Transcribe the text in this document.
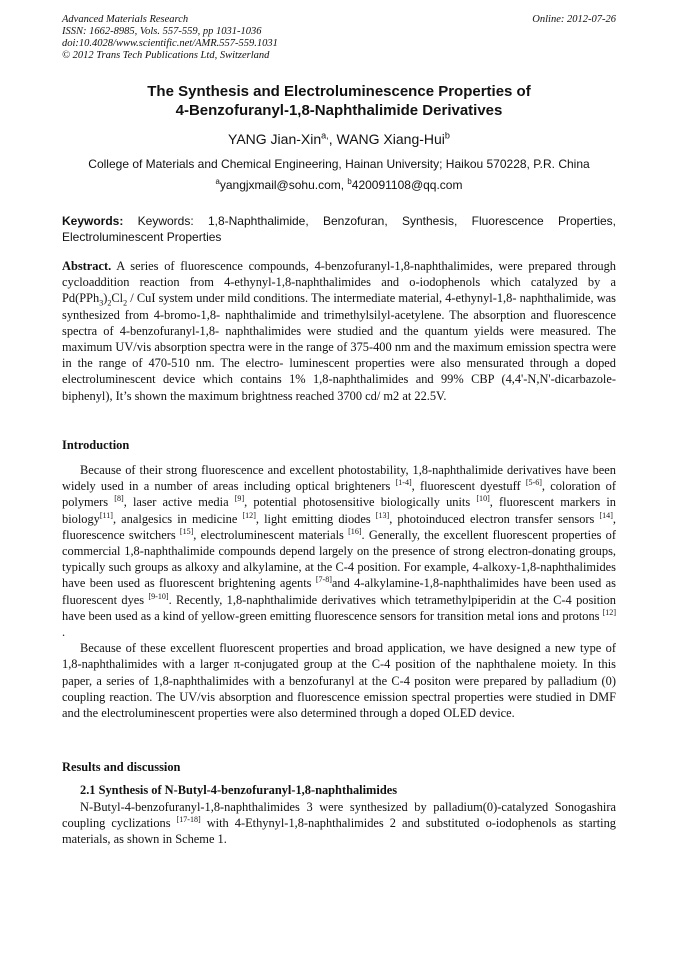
Advanced Materials Research
ISSN: 1662-8985, Vols. 557-559, pp 1031-1036
doi:10.4028/www.scientific.net/AMR.557-559.1031
© 2012 Trans Tech Publications Ltd, Switzerland
Online: 2012-07-26
The Synthesis and Electroluminescence Properties of
4-Benzofuranyl-1,8-Naphthalimide Derivatives
YANG Jian-Xin$^{a,}$, WANG Xiang-Hui$^b$
College of Materials and Chemical Engineering, Hainan University; Haikou 570228, P.R. China
$^a$yangjxmail@sohu.com, $^b$420091108@qq.com
Keywords: Keywords: 1,8-Naphthalimide, Benzofuran, Synthesis, Fluorescence Properties, Electroluminescent Properties
Abstract. A series of fluorescence compounds, 4-benzofuranyl-1,8-naphthalimides, were prepared through cycloaddition reaction from 4-ethynyl-1,8-naphthalimides and o-iodophenols which catalyzed by a $Pd(PPh_3)_2Cl_2$ / CuI system under mild conditions. The intermediate material, 4-ethynyl-1,8- naphthalimide, was synthesized from 4-bromo-1,8- naphthalimide and trimethylsilyl-acetylene. The absorption and fluorescence spectra of 4-benzofuranyl-1,8- naphthalimides were studied and the quantum yields were measured. The maximum UV/vis absorption spectra were in the range of 375-400 nm and the maximum emission spectra were in the range of 470-510 nm. The electro- luminescent properties were also mensurated through a doped electroluminescent device which contains 1% 1,8-naphthalimides and 99% CBP (4,4'-N,N'-dicarbazole-biphenyl), It’s shown the maximum brightness reached 3700 cd/ m2 at 22.5V.
Introduction

Because of their strong fluorescence and excellent photostability, 1,8-naphthalimide derivatives have been widely used in a number of areas including optical brighteners [1-4], fluorescent dyestuff [5-6], coloration of polymers [8], laser active media [9], potential photosensitive biologically units [10], fluorescent markers in biology[11], analgesics in medicine [12], light emitting diodes [13], photoinduced electron transfer sensors [14], fluorescence switchers [15], electroluminescent materials [16]. Generally, the excellent fluorescent properties of commercial 1,8-naphthalimide compounds depend largely on the presence of strong electron-donating groups, typically such groups as alkoxy and alkylamine, at the C-4 position. For example, 4-alkoxy-1,8-naphthalimides have been used as fluorescent brightening agents [7-8]and 4-alkylamine-1,8-naphthalimides have been used as fluorescent dyes [9-10]. Recently, 1,8-naphthalimide derivatives which tetramethylpiperidin at the C-4 position have been used as a kind of yellow-green emitting fluorescence sensors for transition metal ions and protons [12] .

Because of these excellent fluorescent properties and broad application, we have designed a new type of 1,8-naphthalimides with a larger π-conjugated group at the C-4 position of the naphthalene moiety. In this paper, a series of 1,8-naphthalimides with a benzofuranyl at the C-4 positon were prepared by palladium (0) coupling reaction. The UV/vis absorption and fluorescence emission spectral properties were studied in DMF and the electroluminescent properties were also determined through a doped OLED device.

Results and discussion
2.1 Synthesis of N-Butyl-4-benzofuranyl-1,8-naphthalimides

N-Butyl-4-benzofuranyl-1,8-naphthalimides 3 were synthesized by palladium(0)-catalyzed Sonogashira coupling cyclizations [17-18] with 4-Ethynyl-1,8-naphthalimides 2 and substituted o-iodophenols as starting materials, as shown in Scheme 1.
